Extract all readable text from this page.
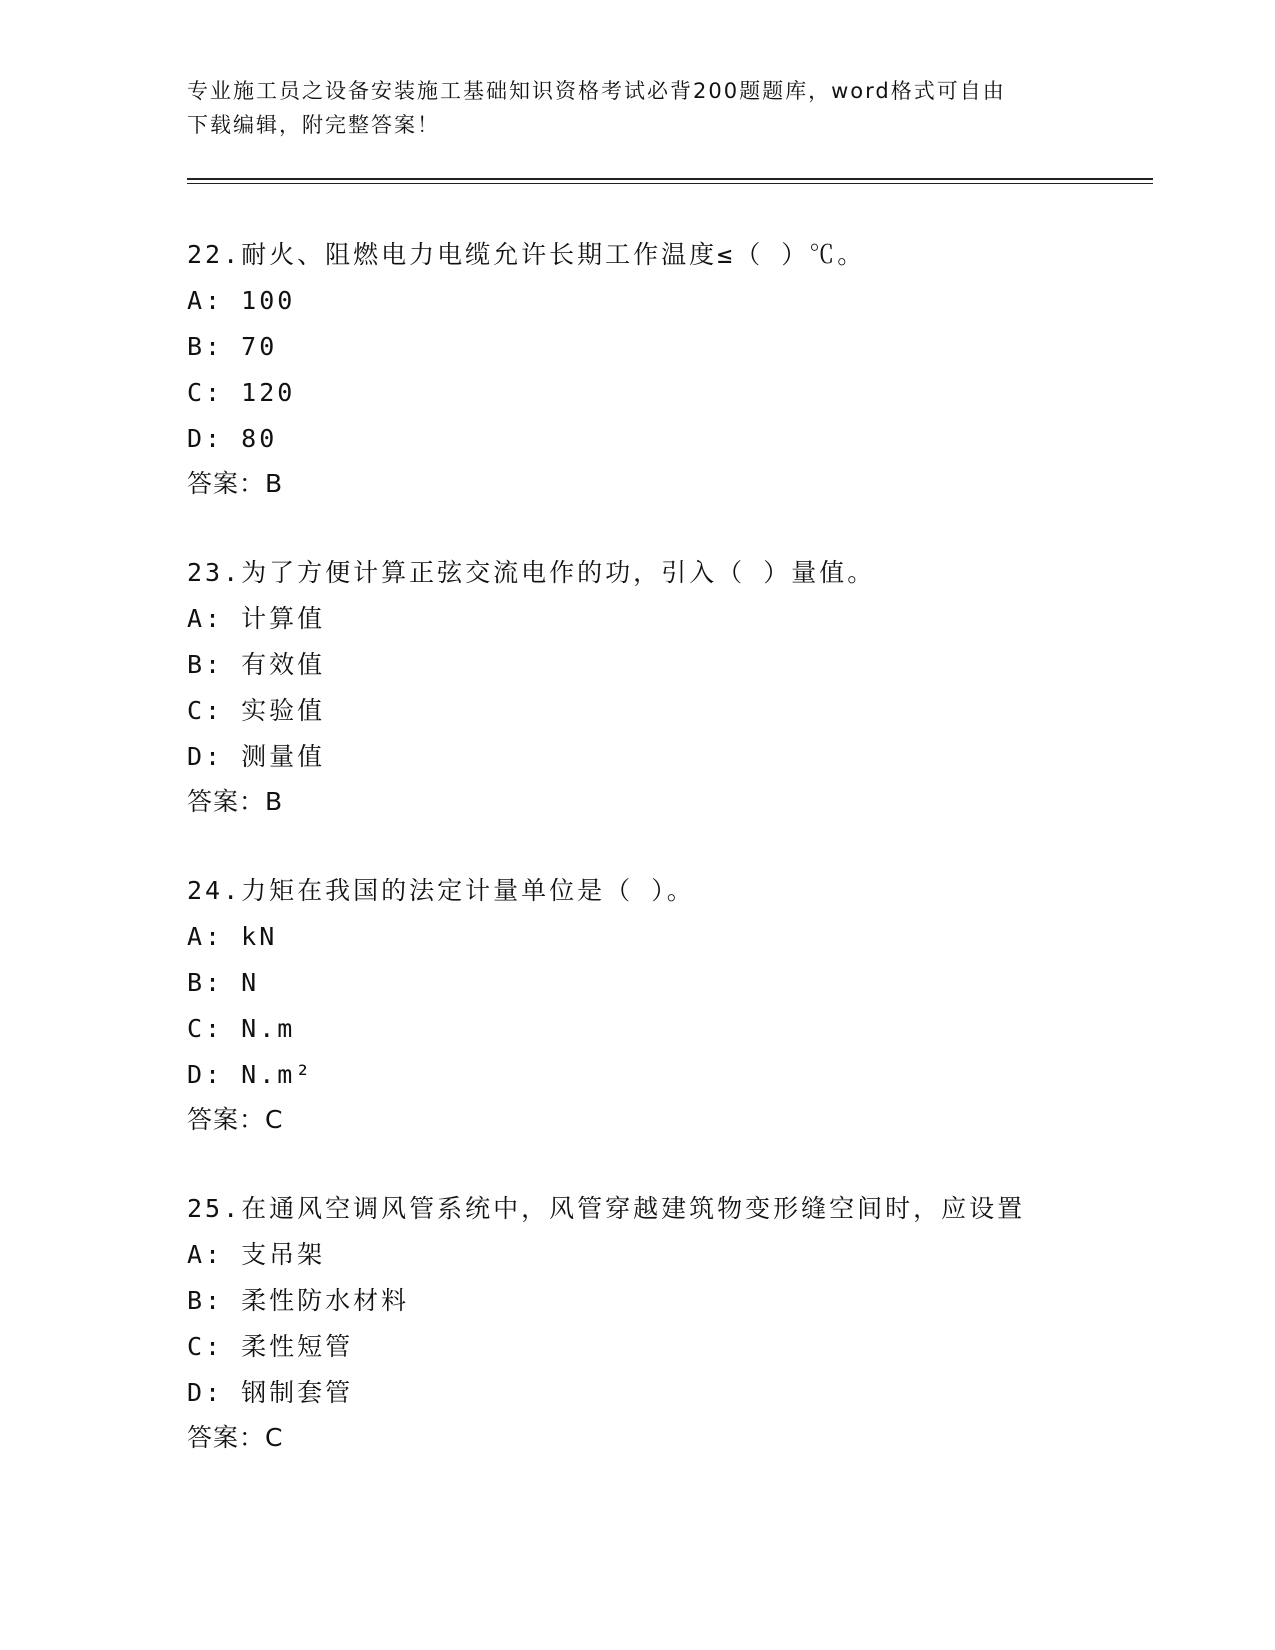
专业施工员之设备安装施工基础知识资格考试必背200题题库，word格式可自由
下载编辑，附完整答案！
22.耐火、阻燃电力电缆允许长期工作温度≤（ ）℃。
A: 100
B: 70
C: 120
D: 80
答案：B
23.为了方便计算正弦交流电作的功，引入（ ）量值。
A: 计算值
B: 有效值
C: 实验值
D: 测量值
答案：B
24.力矩在我国的法定计量单位是（ ）。
A: kN
B: N
C: N.m
D: N.m²
答案：C
25.在通风空调风管系统中，风管穿越建筑物变形缝空间时，应设置
A: 支吊架
B: 柔性防水材料
C: 柔性短管
D: 钢制套管
答案：C
